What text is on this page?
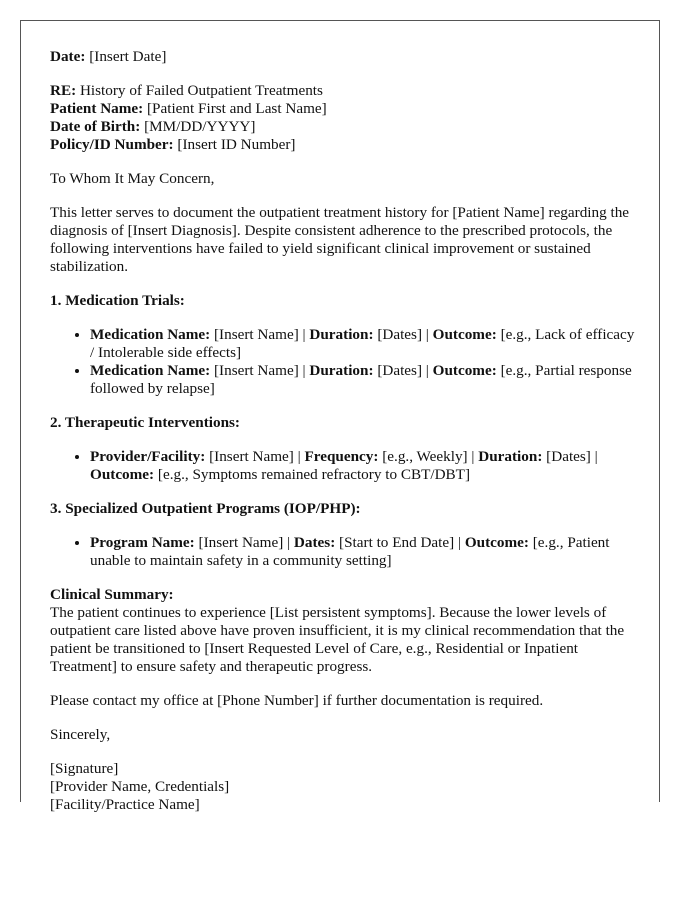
Date: [Insert Date]

RE: History of Failed Outpatient Treatments
Patient Name: [Patient First and Last Name]
Date of Birth: [MM/DD/YYYY]
Policy/ID Number: [Insert ID Number]

To Whom It May Concern,

This letter serves to document the outpatient treatment history for [Patient Name] regarding the diagnosis of [Insert Diagnosis]. Despite consistent adherence to the prescribed protocols, the following interventions have failed to yield significant clinical improvement or sustained stabilization.

1. Medication Trials:
• Medication Name: [Insert Name] | Duration: [Dates] | Outcome: [e.g., Lack of efficacy / Intolerable side effects]
• Medication Name: [Insert Name] | Duration: [Dates] | Outcome: [e.g., Partial response followed by relapse]
2. Therapeutic Interventions:
• Provider/Facility: [Insert Name] | Frequency: [e.g., Weekly] | Duration: [Dates] | Outcome: [e.g., Symptoms remained refractory to CBT/DBT]
3. Specialized Outpatient Programs (IOP/PHP):
• Program Name: [Insert Name] | Dates: [Start to End Date] | Outcome: [e.g., Patient unable to maintain safety in a community setting]
Clinical Summary:
The patient continues to experience [List persistent symptoms]. Because the lower levels of outpatient care listed above have proven insufficient, it is my clinical recommendation that the patient be transitioned to [Insert Requested Level of Care, e.g., Residential or Inpatient Treatment] to ensure safety and therapeutic progress.

Please contact my office at [Phone Number] if further documentation is required.

Sincerely,

[Signature]
[Provider Name, Credentials]
[Facility/Practice Name]
